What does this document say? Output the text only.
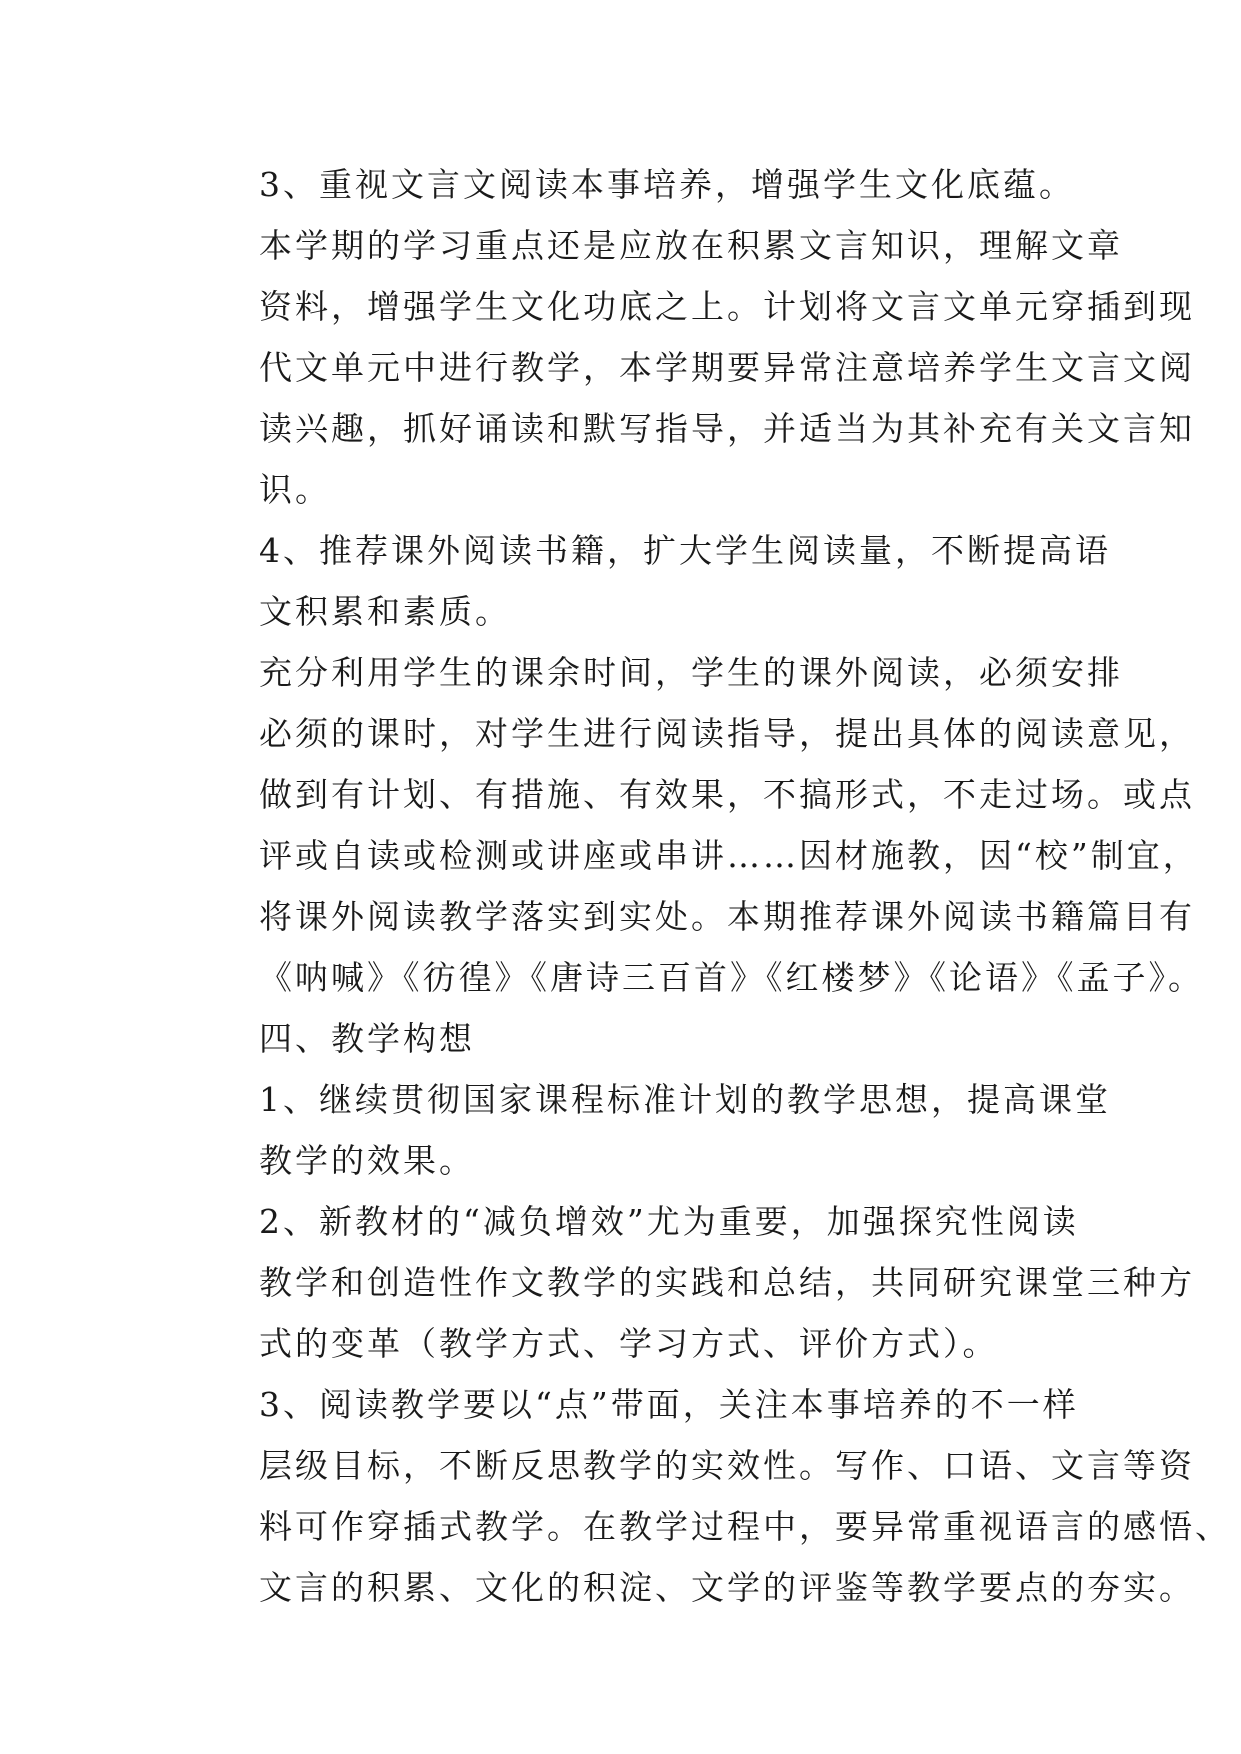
3、重视文言文阅读本事培养，增强学生文化底蕴。
本学期的学习重点还是应放在积累文言知识，理解文章
资料，增强学生文化功底之上。计划将文言文单元穿插到现
代文单元中进行教学，本学期要异常注意培养学生文言文阅
读兴趣，抓好诵读和默写指导，并适当为其补充有关文言知
识。
4、推荐课外阅读书籍，扩大学生阅读量，不断提高语
文积累和素质。
充分利用学生的课余时间，学生的课外阅读，必须安排
必须的课时，对学生进行阅读指导，提出具体的阅读意见，
做到有计划、有措施、有效果，不搞形式，不走过场。或点
评或自读或检测或讲座或串讲……因材施教，因“校”制宜，
将课外阅读教学落实到实处。本期推荐课外阅读书籍篇目有
《呐喊》《彷徨》《唐诗三百首》《红楼梦》《论语》《孟子》。
四、教学构想
1、继续贯彻国家课程标准计划的教学思想，提高课堂
教学的效果。
2、新教材的“减负增效”尤为重要，加强探究性阅读
教学和创造性作文教学的实践和总结，共同研究课堂三种方
式的变革（教学方式、学习方式、评价方式）。
3、阅读教学要以“点”带面，关注本事培养的不一样
层级目标，不断反思教学的实效性。写作、口语、文言等资
料可作穿插式教学。在教学过程中，要异常重视语言的感悟、
文言的积累、文化的积淀、文学的评鉴等教学要点的夯实。
